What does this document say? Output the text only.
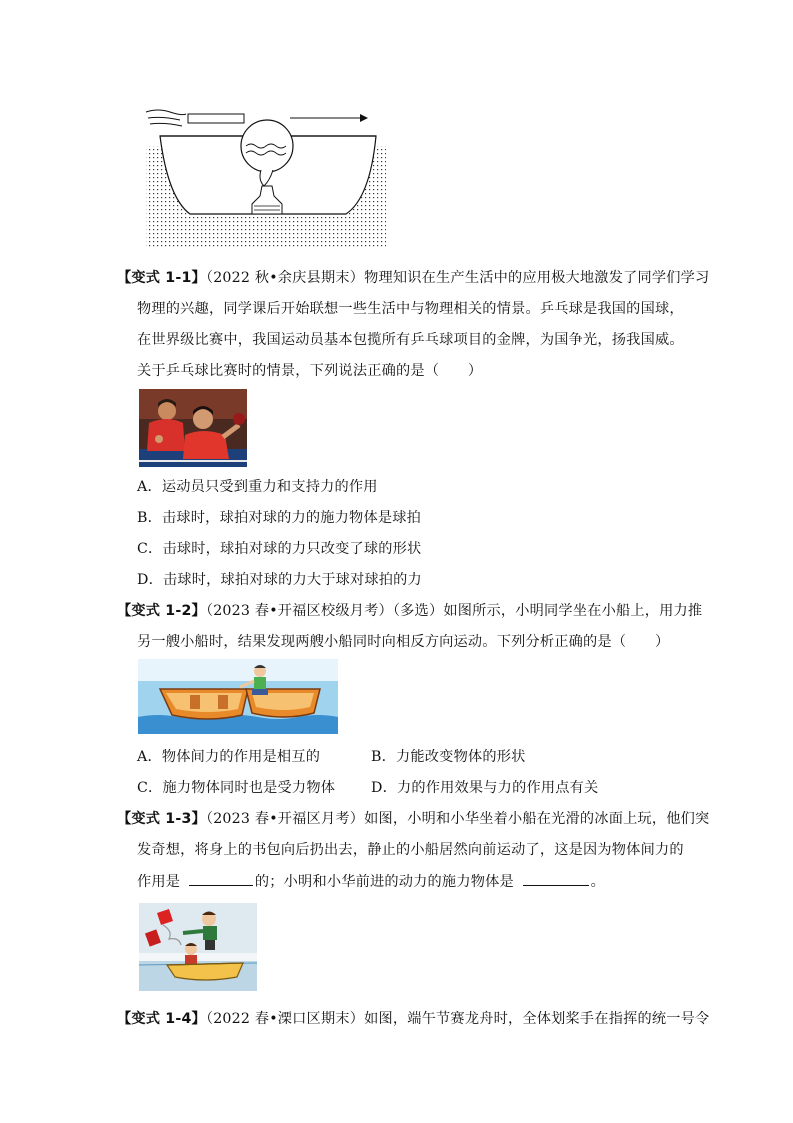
【变式 1-1】（2022 秋•余庆县期末）物理知识在生产生活中的应用极大地激发了同学们学习
物理的兴趣，同学课后开始联想一些生活中与物理相关的情景。乒乓球是我国的国球，
在世界级比赛中，我国运动员基本包揽所有乒乓球项目的金牌，为国争光，扬我国威。
关于乒乓球比赛时的情景，下列说法正确的是（　　）
A．运动员只受到重力和支持力的作用
B．击球时，球拍对球的力的施力物体是球拍
C．击球时，球拍对球的力只改变了球的形状
D．击球时，球拍对球的力大于球对球拍的力
【变式 1-2】（2023 春•开福区校级月考）（多选）如图所示，小明同学坐在小船上，用力推
另一艘小船时，结果发现两艘小船同时向相反方向运动。下列分析正确的是（　　）
A．物体间力的作用是相互的	B．力能改变物体的形状
C．施力物体同时也是受力物体	D．力的作用效果与力的作用点有关
【变式 1-3】（2023 春•开福区月考）如图，小明和小华坐着小船在光滑的冰面上玩，他们突
发奇想，将身上的书包向后扔出去，静止的小船居然向前运动了，这是因为物体间力的
作用是	的；小明和小华前进的动力的施力物体是	。
【变式 1-4】（2022 春•溧口区期末）如图，端午节赛龙舟时，全体划桨手在指挥的统一号令
